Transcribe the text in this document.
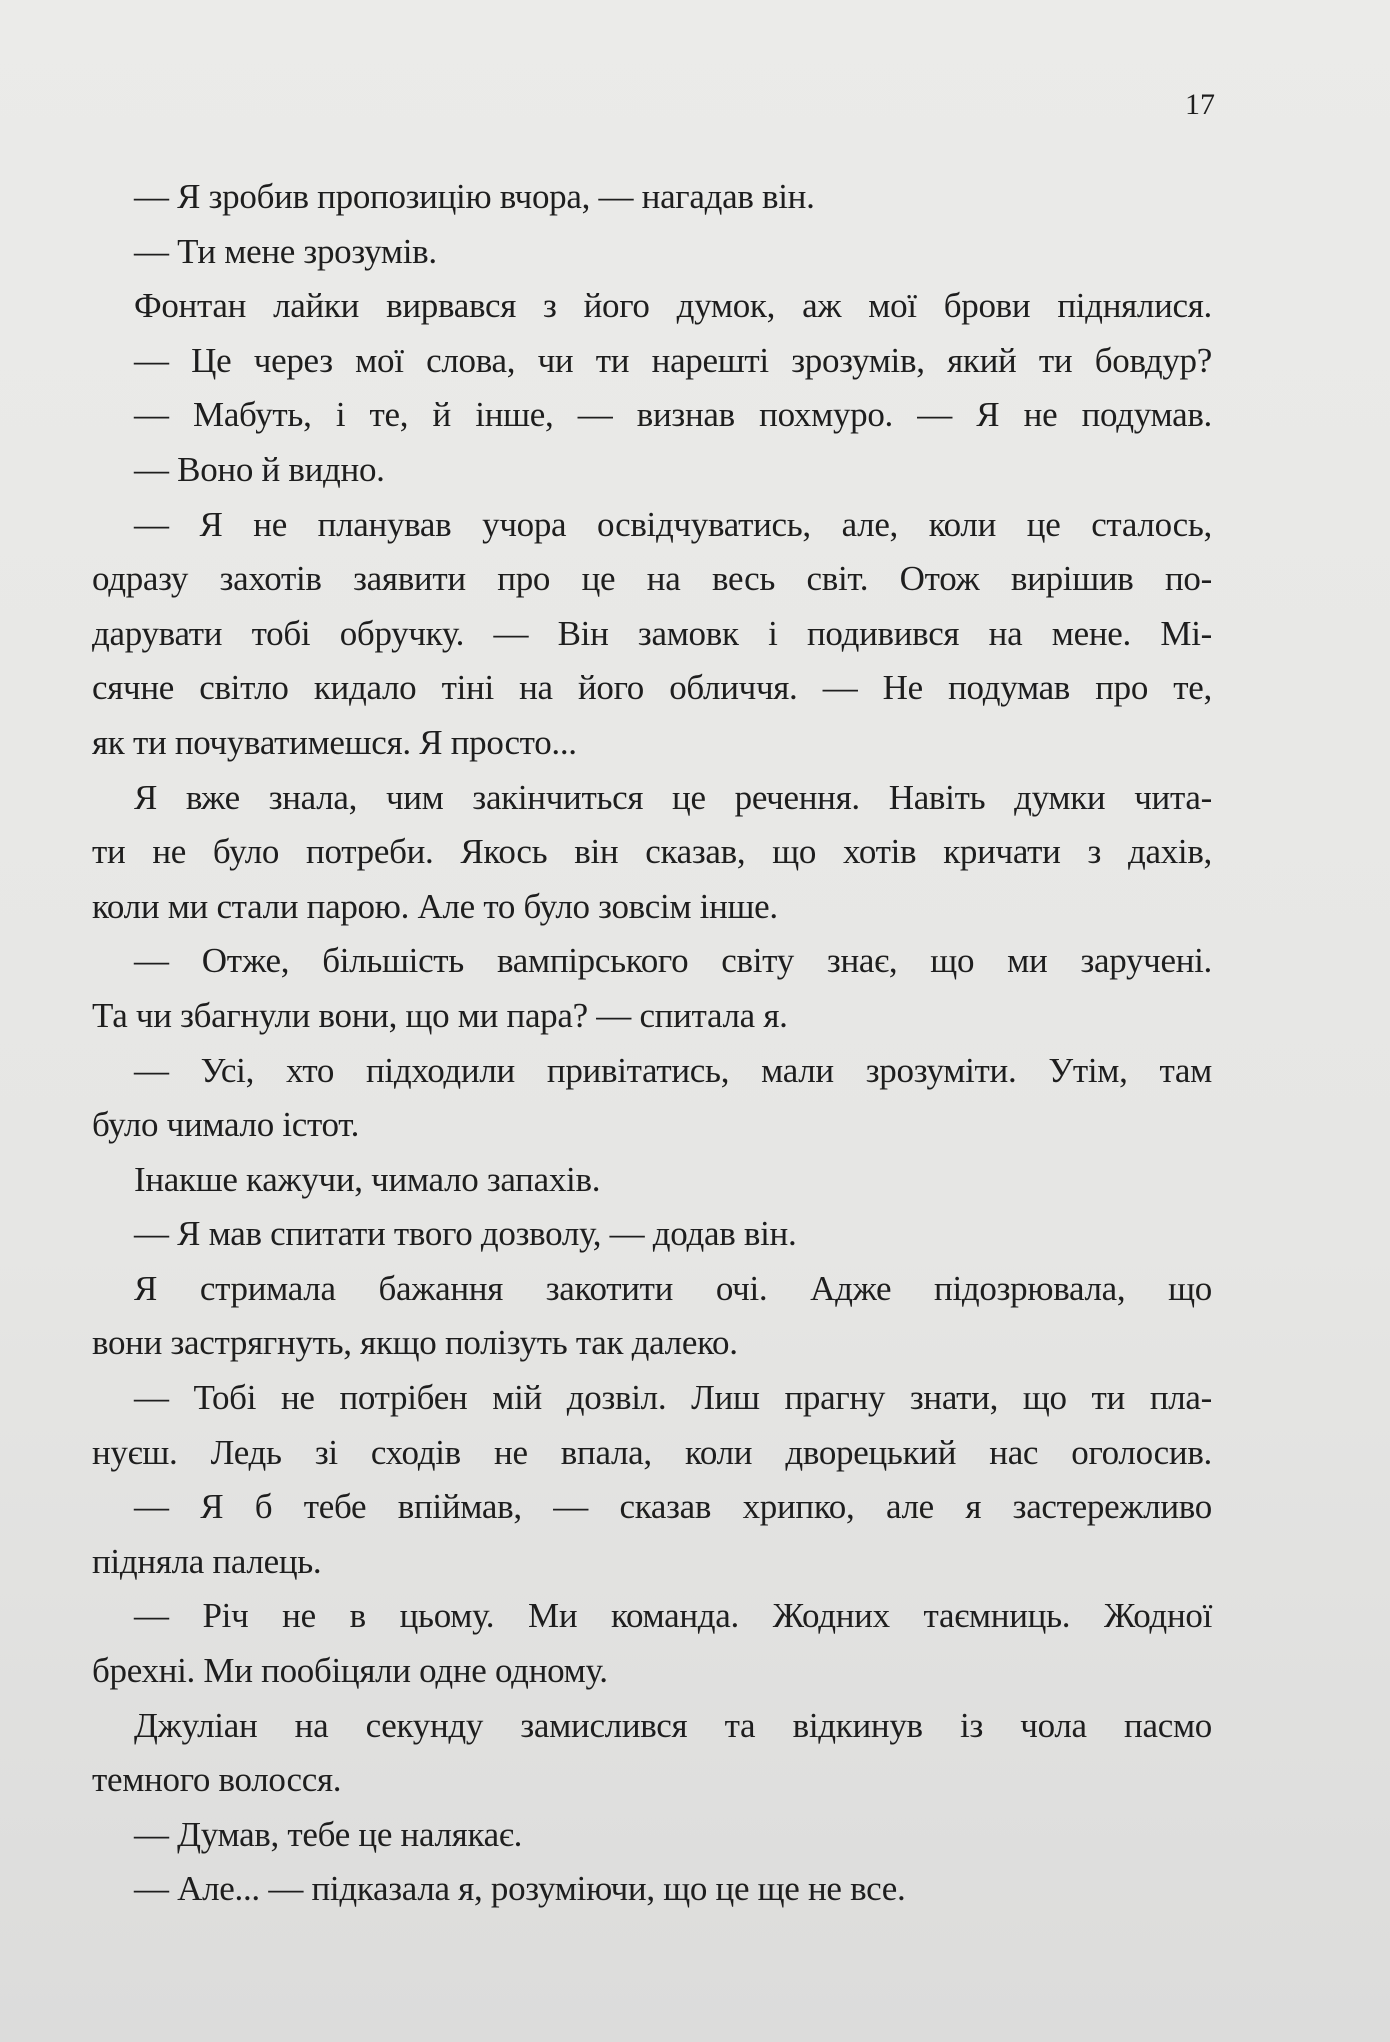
17
— Я зробив пропозицію вчора, — нагадав він.
— Ти мене зрозумів.
Фонтан лайки вирвався з його думок, аж мої брови піднялися.
— Це через мої слова, чи ти нарешті зрозумів, який ти бовдур?
— Мабуть, і те, й інше, — визнав похмуро. — Я не подумав.
— Воно й видно.
— Я не планував учора освідчуватись, але, коли це сталось,
одразу захотів заявити про це на весь світ. Отож вирішив по-
дарувати тобі обручку. — Він замовк і подивився на мене. Мі-
сячне світло кидало тіні на його обличчя. — Не подумав про те,
як ти почуватимешся. Я просто...
Я вже знала, чим закінчиться це речення. Навіть думки чита-
ти не було потреби. Якось він сказав, що хотів кричати з дахів,
коли ми стали парою. Але то було зовсім інше.
— Отже, більшість вампірського світу знає, що ми заручені.
Та чи збагнули вони, що ми пара? — спитала я.
— Усі, хто підходили привітатись, мали зрозуміти. Утім, там
було чимало істот.
Інакше кажучи, чимало запахів.
— Я мав спитати твого дозволу, — додав він.
Я стримала бажання закотити очі. Адже підозрювала, що
вони застрягнуть, якщо полізуть так далеко.
— Тобі не потрібен мій дозвіл. Лиш прагну знати, що ти пла-
нуєш. Ледь зі сходів не впала, коли дворецький нас оголосив.
— Я б тебе впіймав, — сказав хрипко, але я застережливо
підняла палець.
— Річ не в цьому. Ми команда. Жодних таємниць. Жодної
брехні. Ми пообіцяли одне одному.
Джуліан на секунду замислився та відкинув із чола пасмо
темного волосся.
— Думав, тебе це налякає.
— Але... — підказала я, розуміючи, що це ще не все.
